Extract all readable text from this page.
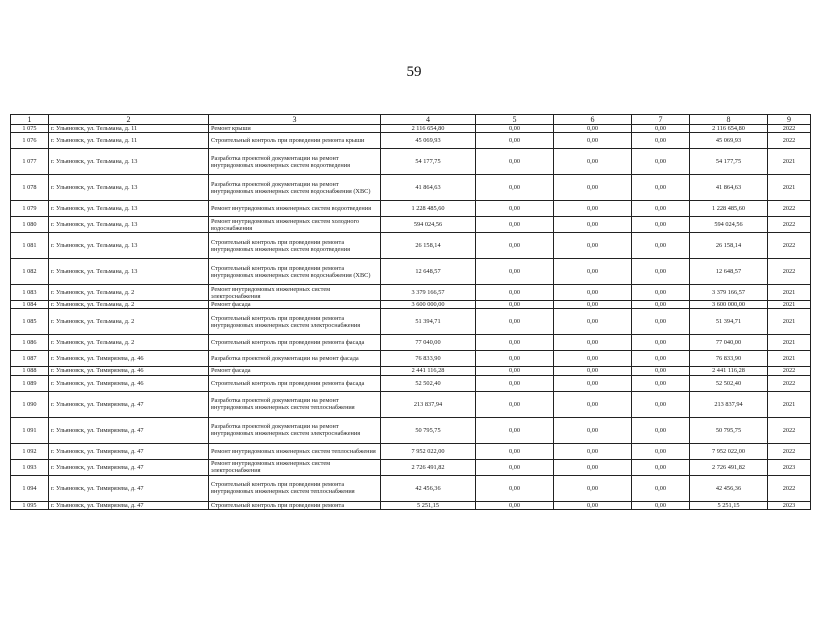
59
1	2	3	4	5	6	7	8	9
1 075	г. Ульяновск, ул. Тельмана, д. 11	Ремонт крыши	2 116 654,80	0,00	0,00	0,00	2 116 654,80	2022
1 076	г. Ульяновск, ул. Тельмана, д. 11	Строительный контроль при проведении ремонта крыши	45 069,93	0,00	0,00	0,00	45 069,93	2022
1 077	г. Ульяновск, ул. Тельмана, д. 13	Разработка проектной документации на ремонт внутридомовых инженерных систем водоотведения	54 177,75	0,00	0,00	0,00	54 177,75	2021
1 078	г. Ульяновск, ул. Тельмана, д. 13	Разработка проектной документации на ремонт внутридомовых инженерных систем водоснабжения (ХВС)	41 864,63	0,00	0,00	0,00	41 864,63	2021
1 079	г. Ульяновск, ул. Тельмана, д. 13	Ремонт внутридомовых инженерных систем водоотведения	1 228 485,60	0,00	0,00	0,00	1 228 485,60	2022
1 080	г. Ульяновск, ул. Тельмана, д. 13	Ремонт внутридомовых инженерных систем холодного водоснабжения	594 024,56	0,00	0,00	0,00	594 024,56	2022
1 081	г. Ульяновск, ул. Тельмана, д. 13	Строительный контроль при проведении ремонта внутридомовых инженерных систем водоотведения	26 158,14	0,00	0,00	0,00	26 158,14	2022
1 082	г. Ульяновск, ул. Тельмана, д. 13	Строительный контроль при проведении ремонта внутридомовых инженерных систем водоснабжения (ХВС)	12 648,57	0,00	0,00	0,00	12 648,57	2022
1 083	г. Ульяновск, ул. Тельмана, д. 2	Ремонт внутридомовых инженерных систем электроснабжения	3 379 166,57	0,00	0,00	0,00	3 379 166,57	2021
1 084	г. Ульяновск, ул. Тельмана, д. 2	Ремонт фасада	3 600 000,00	0,00	0,00	0,00	3 600 000,00	2021
1 085	г. Ульяновск, ул. Тельмана, д. 2	Строительный контроль при проведении ремонта внутридомовых инженерных систем электроснабжения	51 394,71	0,00	0,00	0,00	51 394,71	2021
1 086	г. Ульяновск, ул. Тельмана, д. 2	Строительный контроль при проведении ремонта фасада	77 040,00	0,00	0,00	0,00	77 040,00	2021
1 087	г. Ульяновск, ул. Тимирязева, д. 46	Разработка проектной документации на ремонт фасада	76 833,90	0,00	0,00	0,00	76 833,90	2021
1 088	г. Ульяновск, ул. Тимирязева, д. 46	Ремонт фасада	2 441 116,28	0,00	0,00	0,00	2 441 116,28	2022
1 089	г. Ульяновск, ул. Тимирязева, д. 46	Строительный контроль при проведении ремонта фасада	52 502,40	0,00	0,00	0,00	52 502,40	2022
1 090	г. Ульяновск, ул. Тимирязева, д. 47	Разработка проектной документации на ремонт внутридомовых инженерных систем теплоснабжения	213 837,94	0,00	0,00	0,00	213 837,94	2021
1 091	г. Ульяновск, ул. Тимирязева, д. 47	Разработка проектной документации на ремонт внутридомовых инженерных систем электроснабжения	50 795,75	0,00	0,00	0,00	50 795,75	2022
1 092	г. Ульяновск, ул. Тимирязева, д. 47	Ремонт внутридомовых инженерных систем теплоснабжения	7 952 022,00	0,00	0,00	0,00	7 952 022,00	2022
1 093	г. Ульяновск, ул. Тимирязева, д. 47	Ремонт внутридомовых инженерных систем электроснабжения	2 726 491,82	0,00	0,00	0,00	2 726 491,82	2023
1 094	г. Ульяновск, ул. Тимирязева, д. 47	Строительный контроль при проведении ремонта внутридомовых инженерных систем теплоснабжения	42 456,36	0,00	0,00	0,00	42 456,36	2022
1 095	г. Ульяновск, ул. Тимирязева, д. 47	Строительный контроль при проведении ремонта	5 251,15	0,00	0,00	0,00	5 251,15	2023
